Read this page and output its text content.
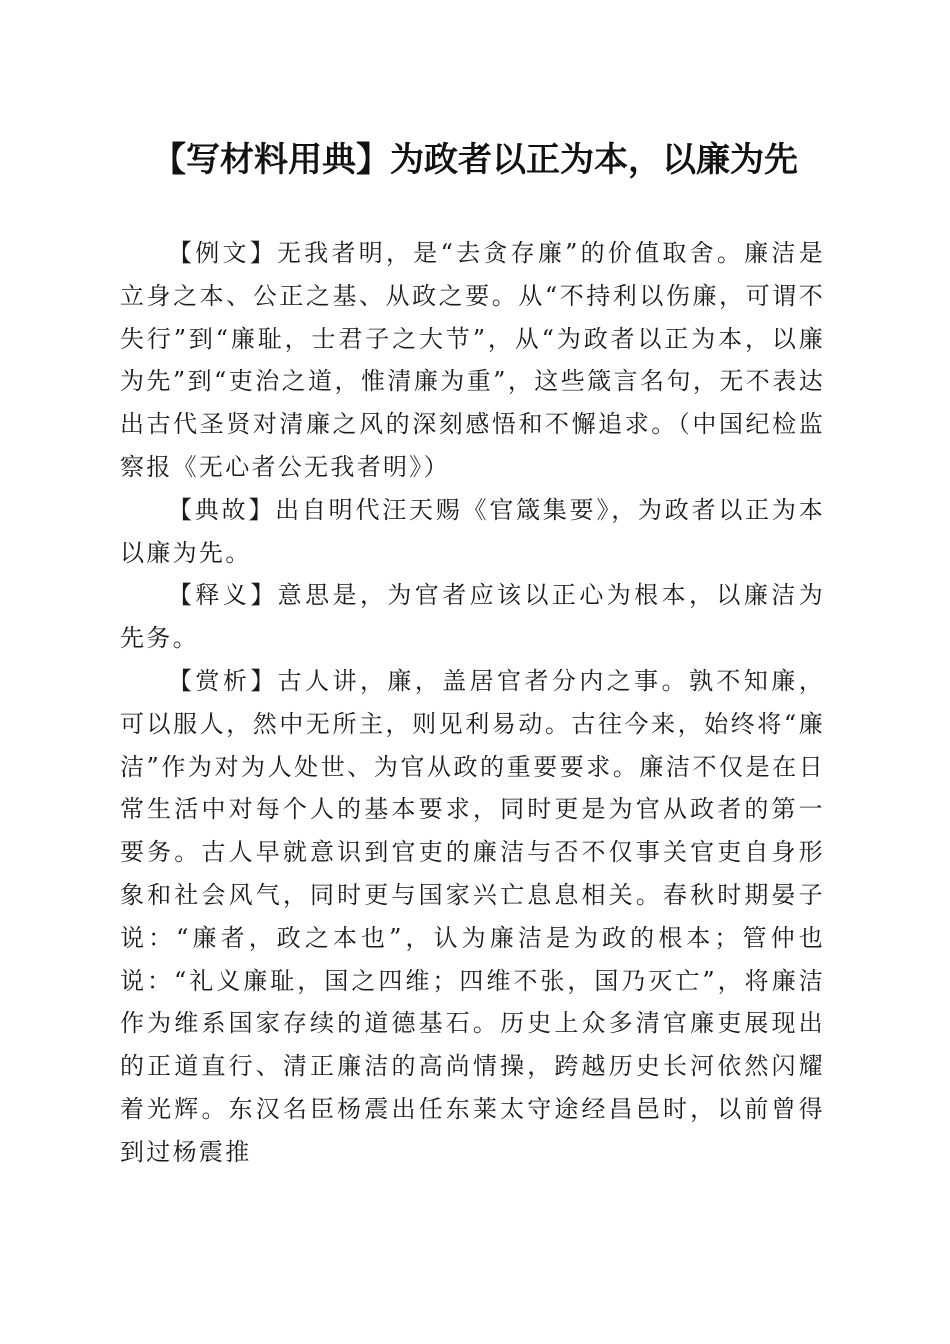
【写材料用典】为政者以正为本，以廉为先

【例文】无我者明，是“去贪存廉”的价值取舍。廉洁是立身之本、公正之基、从政之要。从“不持利以伤廉，可谓不失行”到“廉耻，士君子之大节”，从“为政者以正为本，以廉为先”到“吏治之道，惟清廉为重”，这些箴言名句，无不表达出古代圣贤对清廉之风的深刻感悟和不懈追求。（中国纪检监察报《无心者公无我者明》）

【典故】出自明代汪天赐《官箴集要》，为政者以正为本以廉为先。

【释义】意思是，为官者应该以正心为根本，以廉洁为先务。

【赏析】古人讲，廉，盖居官者分内之事。孰不知廉，可以服人，然中无所主，则见利易动。古往今来，始终将“廉洁”作为对为人处世、为官从政的重要要求。廉洁不仅是在日常生活中对每个人的基本要求，同时更是为官从政者的第一要务。古人早就意识到官吏的廉洁与否不仅事关官吏自身形象和社会风气，同时更与国家兴亡息息相关。春秋时期晏子说：“廉者，政之本也”，认为廉洁是为政的根本；管仲也说：“礼义廉耻，国之四维；四维不张，国乃灭亡”，将廉洁作为维系国家存续的道德基石。历史上众多清官廉吏展现出的正道直行、清正廉洁的高尚情操，跨越历史长河依然闪耀着光辉。东汉名臣杨震出任东莱太守途经昌邑时，以前曾得到过杨震推
